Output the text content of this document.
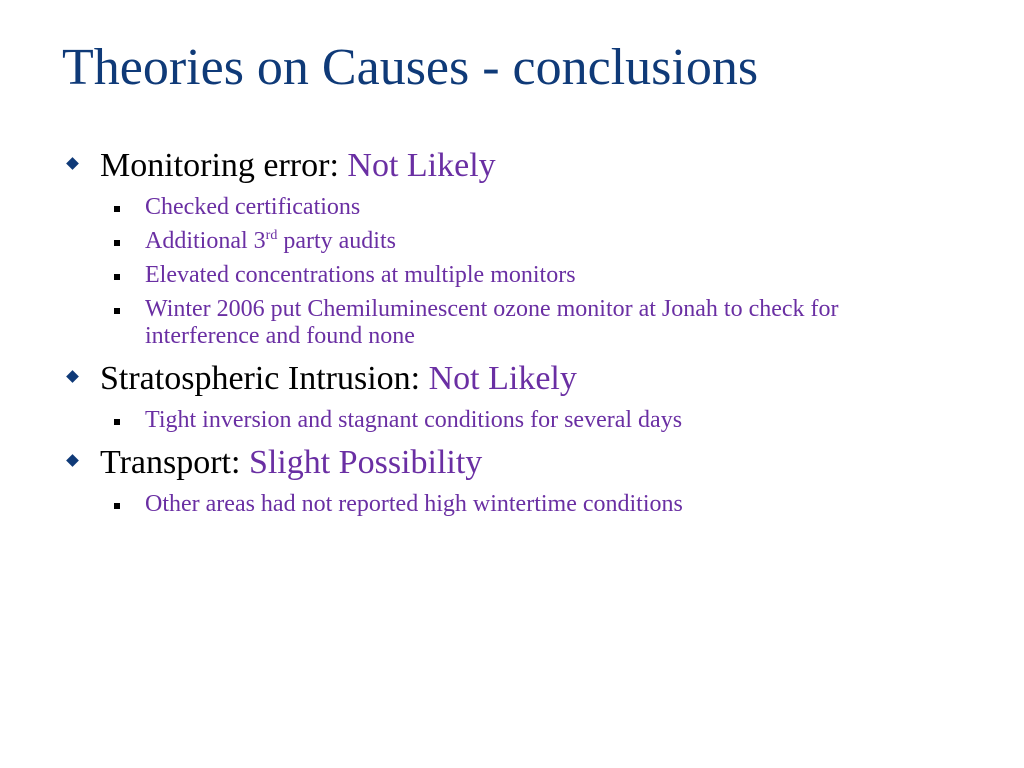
Theories on Causes - conclusions
Monitoring error: Not Likely
Checked certifications
Additional 3rd party audits
Elevated concentrations at multiple monitors
Winter 2006 put Chemiluminescent ozone monitor at Jonah to check for interference and found none
Stratospheric Intrusion: Not Likely
Tight inversion and stagnant conditions for several days
Transport: Slight Possibility
Other areas had not reported high wintertime conditions
